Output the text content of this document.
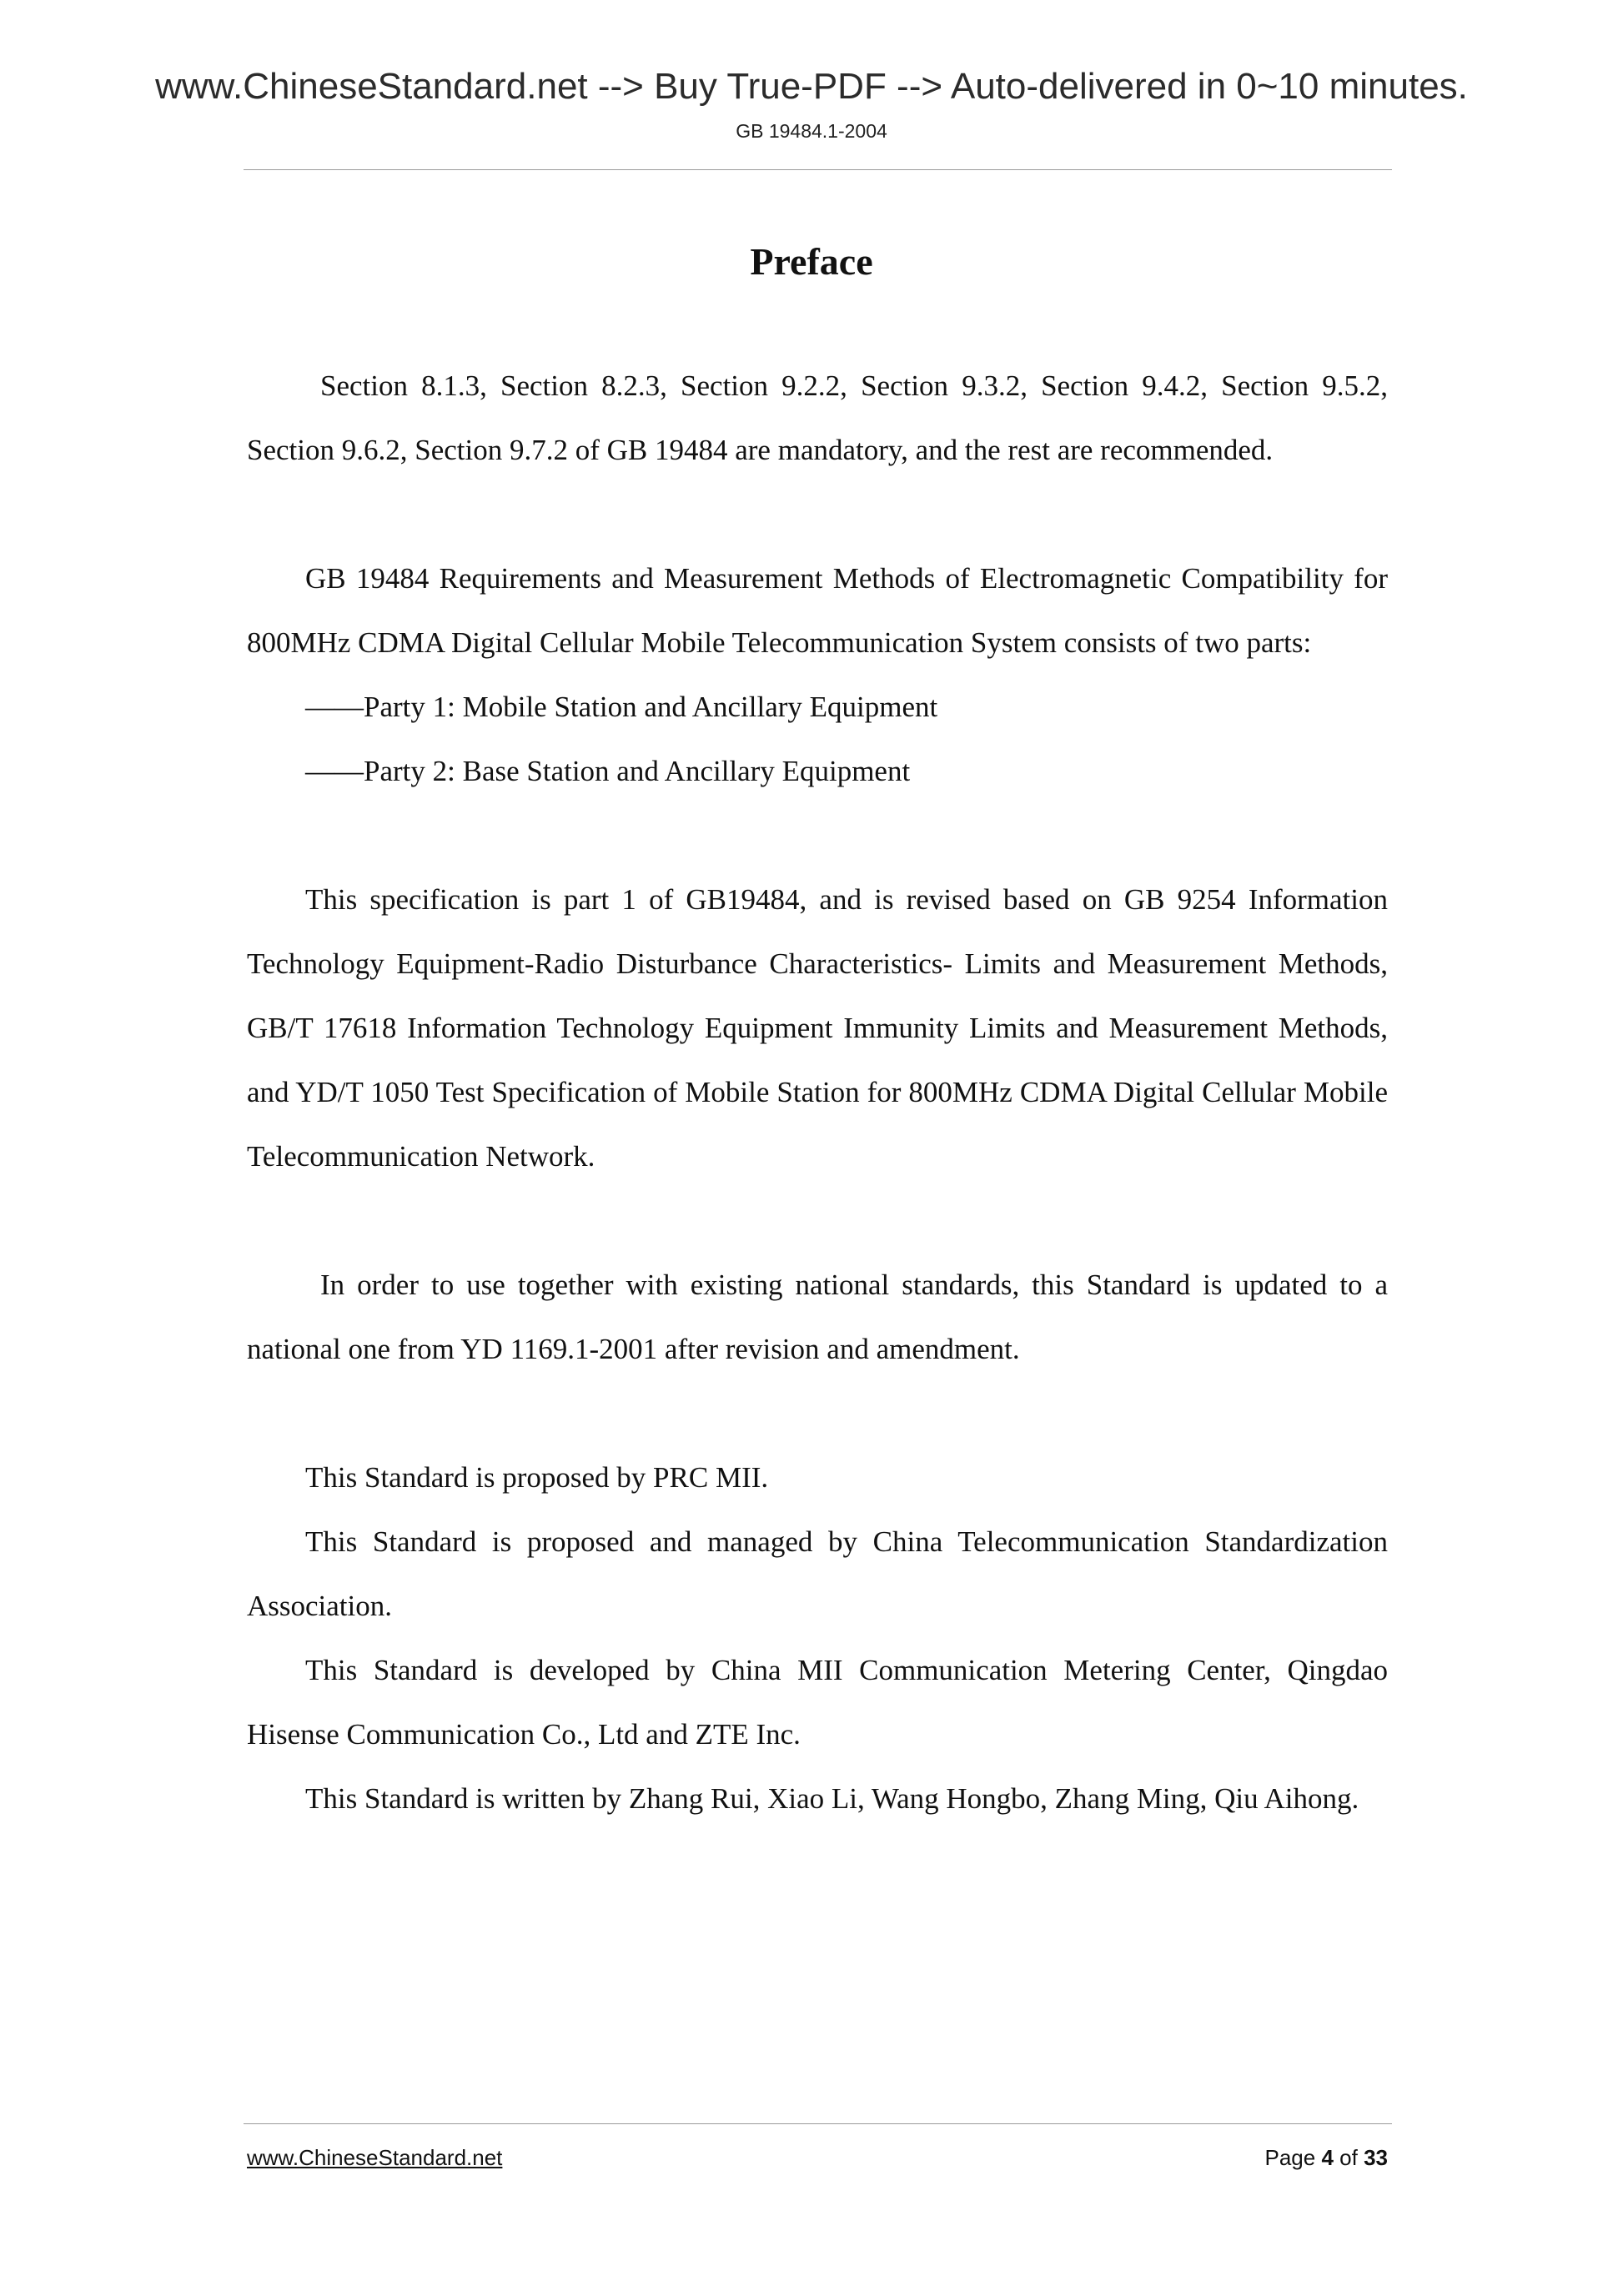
www.ChineseStandard.net --> Buy True-PDF --> Auto-delivered in 0~10 minutes.
GB 19484.1-2004
Preface

Section 8.1.3, Section 8.2.3, Section 9.2.2, Section 9.3.2, Section 9.4.2, Section 9.5.2, Section 9.6.2, Section 9.7.2 of GB 19484 are mandatory, and the rest are recommended.

GB 19484 Requirements and Measurement Methods of Electromagnetic Compatibility for 800MHz CDMA Digital Cellular Mobile Telecommunication System consists of two parts:

——Party 1: Mobile Station and Ancillary Equipment

——Party 2: Base Station and Ancillary Equipment

This specification is part 1 of GB19484, and is revised based on GB 9254 Information Technology Equipment-Radio Disturbance Characteristics- Limits and Measurement Methods, GB/T 17618 Information Technology Equipment Immunity Limits and Measurement Methods, and YD/T 1050 Test Specification of Mobile Station for 800MHz CDMA Digital Cellular Mobile Telecommunication Network.

In order to use together with existing national standards, this Standard is updated to a national one from YD 1169.1-2001 after revision and amendment.

This Standard is proposed by PRC MII.

This Standard is proposed and managed by China Telecommunication Standardization Association.

This Standard is developed by China MII Communication Metering Center, Qingdao Hisense Communication Co., Ltd and ZTE Inc.

This Standard is written by Zhang Rui, Xiao Li, Wang Hongbo, Zhang Ming, Qiu Aihong.

www.ChineseStandard.net	Page 4 of 33
